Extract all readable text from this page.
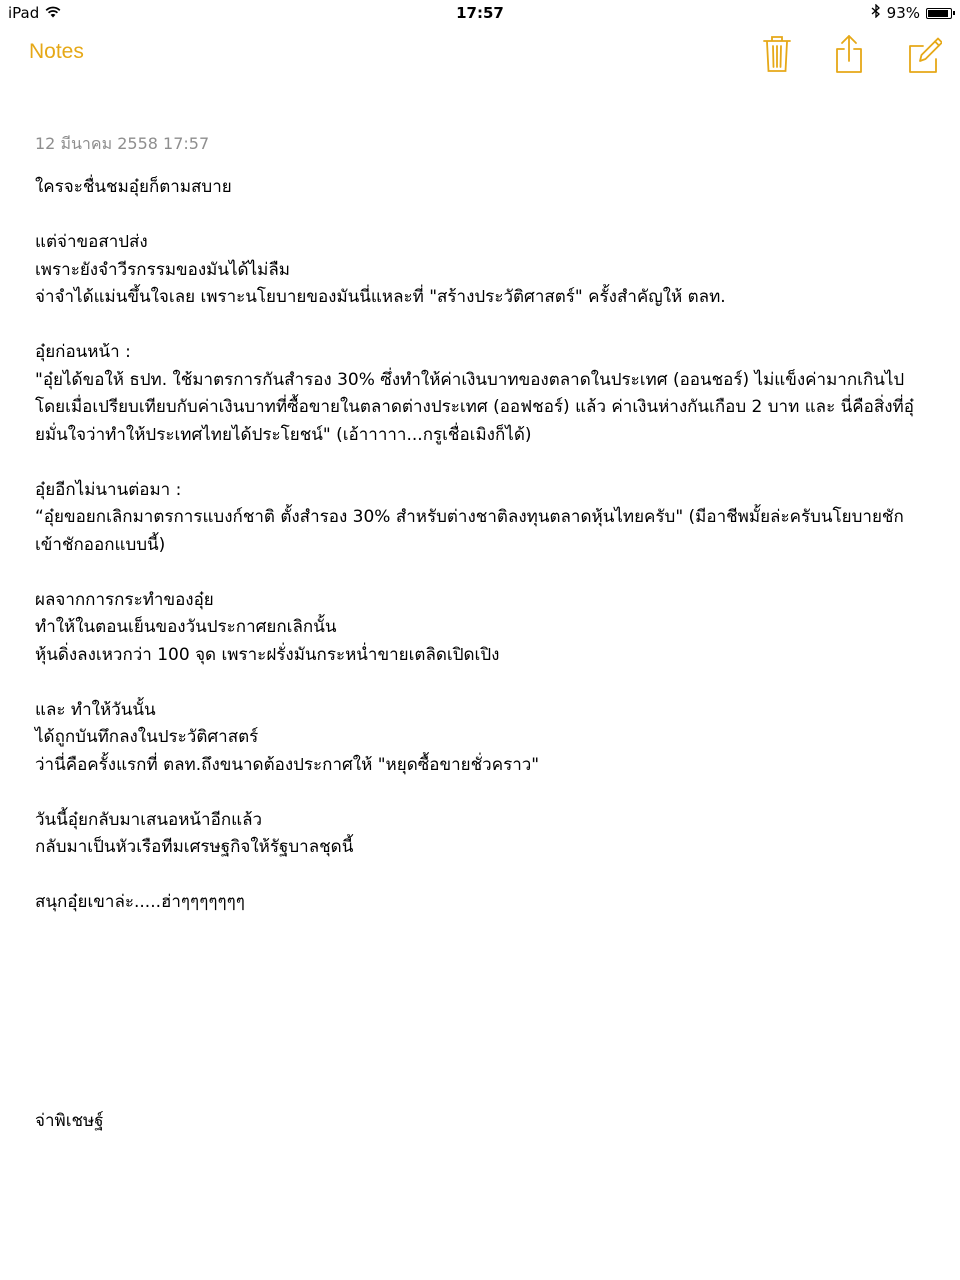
iPad	17:57	93%
Notes
12 มีนาคม 2558 17:57
ใครจะชื่นชมอุ๋ยก็ตามสบาย
แต่จ่าขอสาปส่ง
เพราะยังจำวีรกรรมของมันได้ไม่ลืม
จ่าจำได้แม่นขึ้นใจเลย เพราะนโยบายของมันนี่แหละที่ "สร้างประวัติศาสตร์" ครั้งสำคัญให้ ตลท.
อุ๋ยก่อนหน้า :
"อุ๋ยได้ขอให้ ธปท. ใช้มาตรการกันสำรอง 30% ซึ่งทำให้ค่าเงินบาทของตลาดในประเทศ (ออนชอร์) ไม่แข็งค่ามากเกินไป โดยเมื่อเปรียบเทียบกับค่าเงินบาทที่ซื้อขายในตลาดต่างประเทศ (ออฟชอร์) แล้ว ค่าเงินห่างกันเกือบ 2 บาท และ นี่คือสิ่งที่อุ๋ยมั่นใจว่าทำให้ประเทศไทยได้ประโยชน์" (เอ้าาาาา...กรูเชื่อเมิงก็ได้)
อุ๋ยอีกไม่นานต่อมา :
“อุ๋ยขอยกเลิกมาตรการแบงก์ชาติ ตั้งสำรอง 30% สำหรับต่างชาติลงทุนตลาดหุ้นไทยครับ" (มีอาชีพมั้ยล่ะครับนโยบายชักเข้าชักออกแบบนี้)
ผลจากการกระทำของอุ๋ย
ทำให้ในตอนเย็นของวันประกาศยกเลิกนั้น
หุ้นดิ่งลงเหวกว่า 100 จุด เพราะฝรั่งมันกระหน่ำขายเตลิดเปิดเปิง
และ ทำให้วันนั้น
ได้ถูกบันทึกลงในประวัติศาสตร์
ว่านี่คือครั้งแรกที่ ตลท.ถึงขนาดต้องประกาศให้ "หยุดซื้อขายชั่วคราว"
วันนี้อุ๋ยกลับมาเสนอหน้าอีกแล้ว
กลับมาเป็นหัวเรือทีมเศรษฐกิจให้รัฐบาลชุดนี้
สนุกอุ๋ยเขาล่ะ.....ฮ่าๆๆๆๆๆๆๆ
จ่าพิเชษฐ์
